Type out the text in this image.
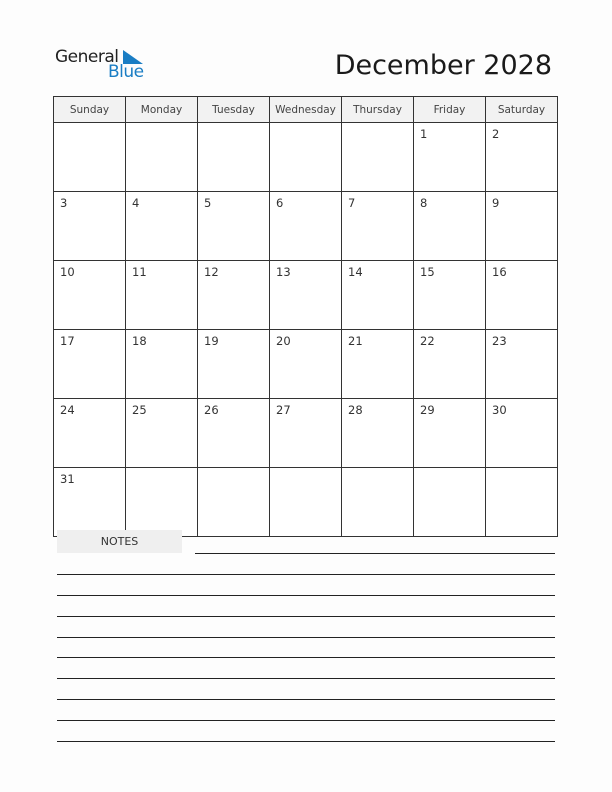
General
Blue	December 2028
Sunday	Monday	Tuesday	Wednesday	Thursday	Friday	Saturday
					1	2
3	4	5	6	7	8	9
10	11	12	13	14	15	16
17	18	19	20	21	22	23
24	25	26	27	28	29	30
31						
NOTES
